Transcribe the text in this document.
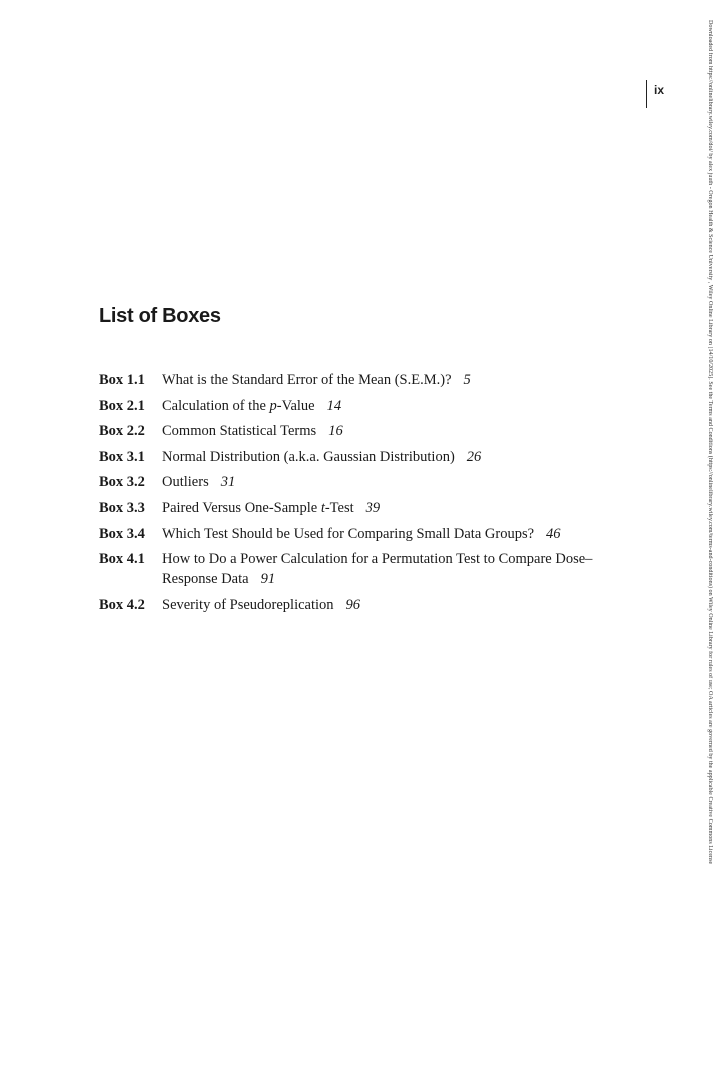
ix	Downloaded from https://onlinelibrary.wiley.com/doi/ by alex juuth - Oregon Health & Science University , Wiley Online Library on [14/10/2025]. See the Terms and Conditions (https://onlinelibrary.wiley.com/terms-and-conditions) on Wiley Online Library for rules of use; OA articles are governed by the applicable Creative Commons License
List of Boxes
Box 1.1	What is the Standard Error of the Mean (S.E.M.)? 5
Box 2.1	Calculation of the p-Value 14
Box 2.2	Common Statistical Terms 16
Box 3.1	Normal Distribution (a.k.a. Gaussian Distribution) 26
Box 3.2	Outliers 31
Box 3.3	Paired Versus One-Sample t-Test 39
Box 3.4	Which Test Should be Used for Comparing Small Data Groups? 46
Box 4.1	How to Do a Power Calculation for a Permutation Test to Compare Dose–Response Data 91
Box 4.2	Severity of Pseudoreplication 96
